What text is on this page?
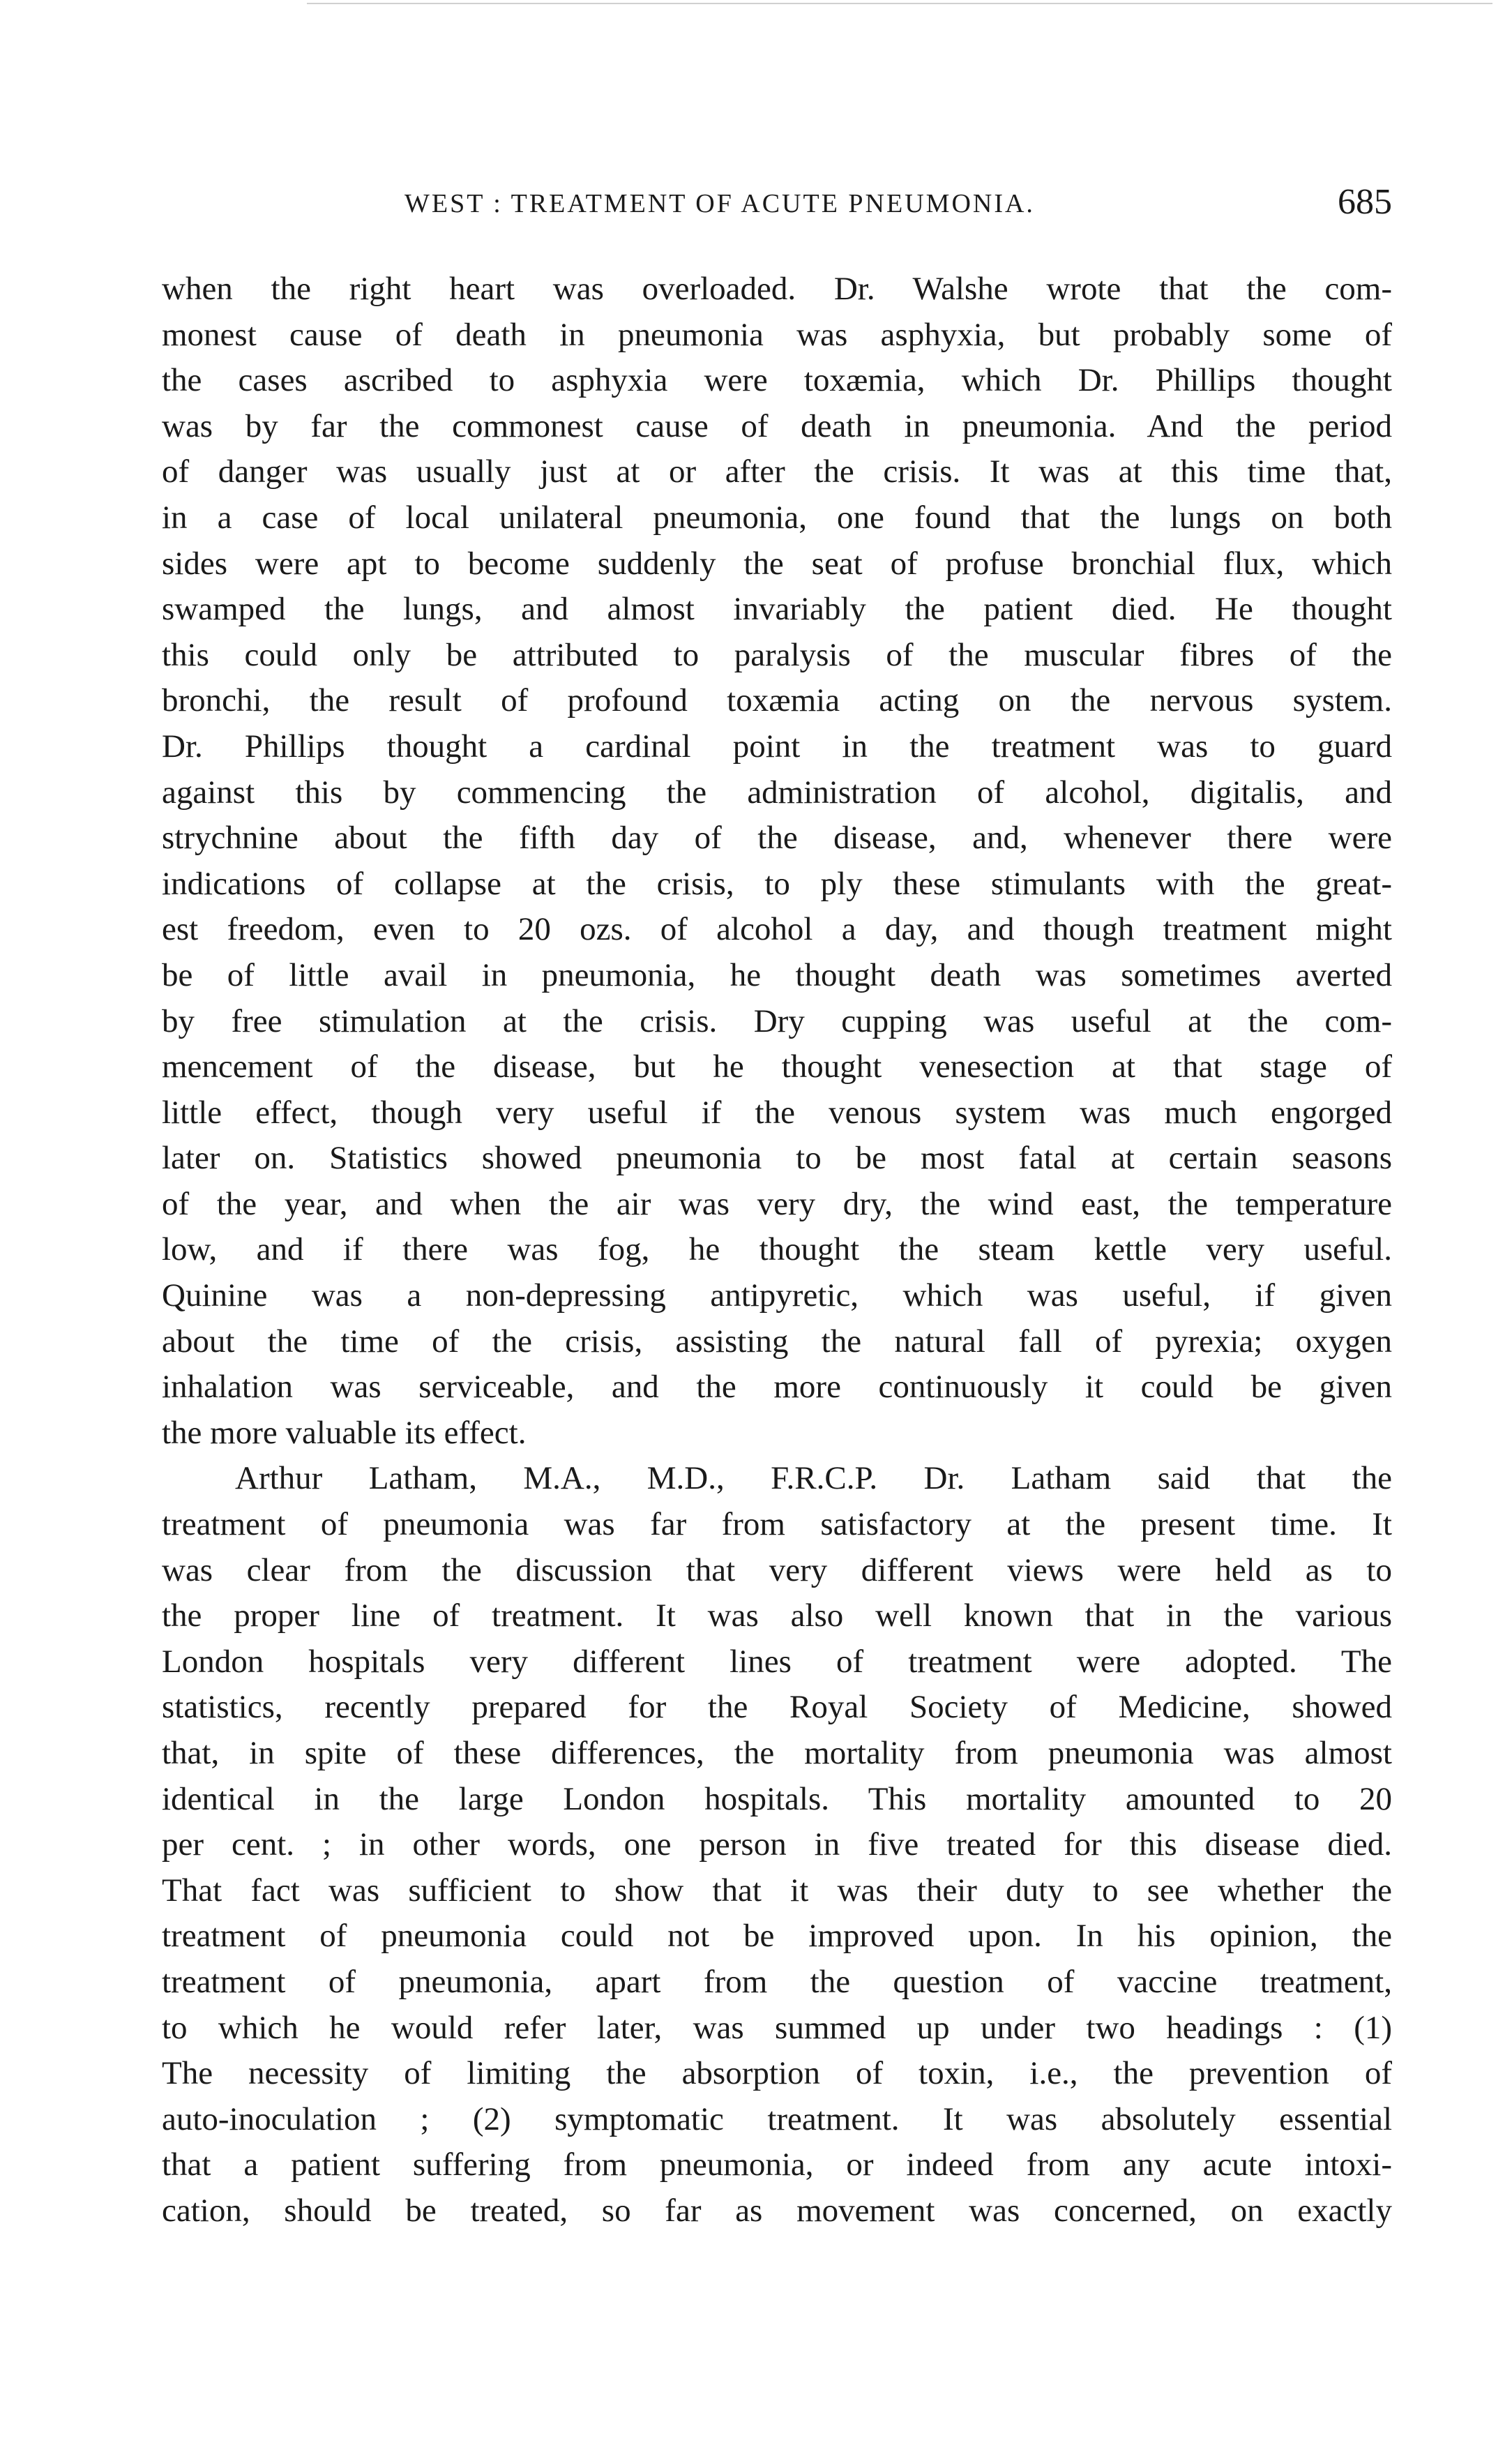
WEST : TREATMENT OF ACUTE PNEUMONIA.	685
when the right heart was overloaded. Dr. Walshe wrote that the com-
monest cause of death in pneumonia was asphyxia, but probably some of
the cases ascribed to asphyxia were toxæmia, which Dr. Phillips thought
was by far the commonest cause of death in pneumonia. And the period
of danger was usually just at or after the crisis. It was at this time that,
in a case of local unilateral pneumonia, one found that the lungs on both
sides were apt to become suddenly the seat of profuse bronchial flux, which
swamped the lungs, and almost invariably the patient died. He thought
this could only be attributed to paralysis of the muscular fibres of the
bronchi, the result of profound toxæmia acting on the nervous system.
Dr. Phillips thought a cardinal point in the treatment was to guard
against this by commencing the administration of alcohol, digitalis, and
strychnine about the fifth day of the disease, and, whenever there were
indications of collapse at the crisis, to ply these stimulants with the great-
est freedom, even to 20 ozs. of alcohol a day, and though treatment might
be of little avail in pneumonia, he thought death was sometimes averted
by free stimulation at the crisis. Dry cupping was useful at the com-
mencement of the disease, but he thought venesection at that stage of
little effect, though very useful if the venous system was much engorged
later on. Statistics showed pneumonia to be most fatal at certain seasons
of the year, and when the air was very dry, the wind east, the temperature
low, and if there was fog, he thought the steam kettle very useful.
Quinine was a non-depressing antipyretic, which was useful, if given
about the time of the crisis, assisting the natural fall of pyrexia; oxygen
inhalation was serviceable, and the more continuously it could be given
the more valuable its effect.
Arthur Latham, M.A., M.D., F.R.C.P. Dr. Latham said that the
treatment of pneumonia was far from satisfactory at the present time. It
was clear from the discussion that very different views were held as to
the proper line of treatment. It was also well known that in the various
London hospitals very different lines of treatment were adopted. The
statistics, recently prepared for the Royal Society of Medicine, showed
that, in spite of these differences, the mortality from pneumonia was almost
identical in the large London hospitals. This mortality amounted to 20
per cent. ; in other words, one person in five treated for this disease died.
That fact was sufficient to show that it was their duty to see whether the
treatment of pneumonia could not be improved upon. In his opinion, the
treatment of pneumonia, apart from the question of vaccine treatment,
to which he would refer later, was summed up under two headings : (1)
The necessity of limiting the absorption of toxin, i.e., the prevention of
auto-inoculation ; (2) symptomatic treatment. It was absolutely essential
that a patient suffering from pneumonia, or indeed from any acute intoxi-
cation, should be treated, so far as movement was concerned, on exactly
